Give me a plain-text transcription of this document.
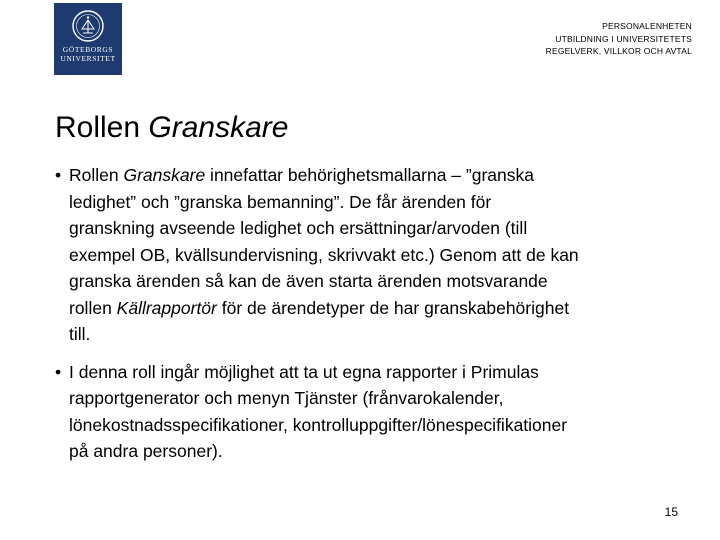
GÖTEBORGS
UNIVERSITET
PERSONALENHETEN
UTBILDNING I UNIVERSITETETS
REGELVERK, VILLKOR OCH AVTAL
Rollen Granskare
• Rollen Granskare innefattar behörighetsmallarna – ”granska
ledighet” och ”granska bemanning”. De får ärenden för
granskning avseende ledighet och ersättningar/arvoden (till
exempel OB, kvällsundervisning, skrivvakt etc.) Genom att de kan
granska ärenden så kan de även starta ärenden motsvarande
rollen Källrapportör för de ärendetyper de har granskabehörighet
till.
• I denna roll ingår möjlighet att ta ut egna rapporter i Primulas
rapportgenerator och menyn Tjänster (frånvarokalender,
lönekostnadsspecifikationer, kontrolluppgifter/lönespecifikationer
på andra personer).
15
